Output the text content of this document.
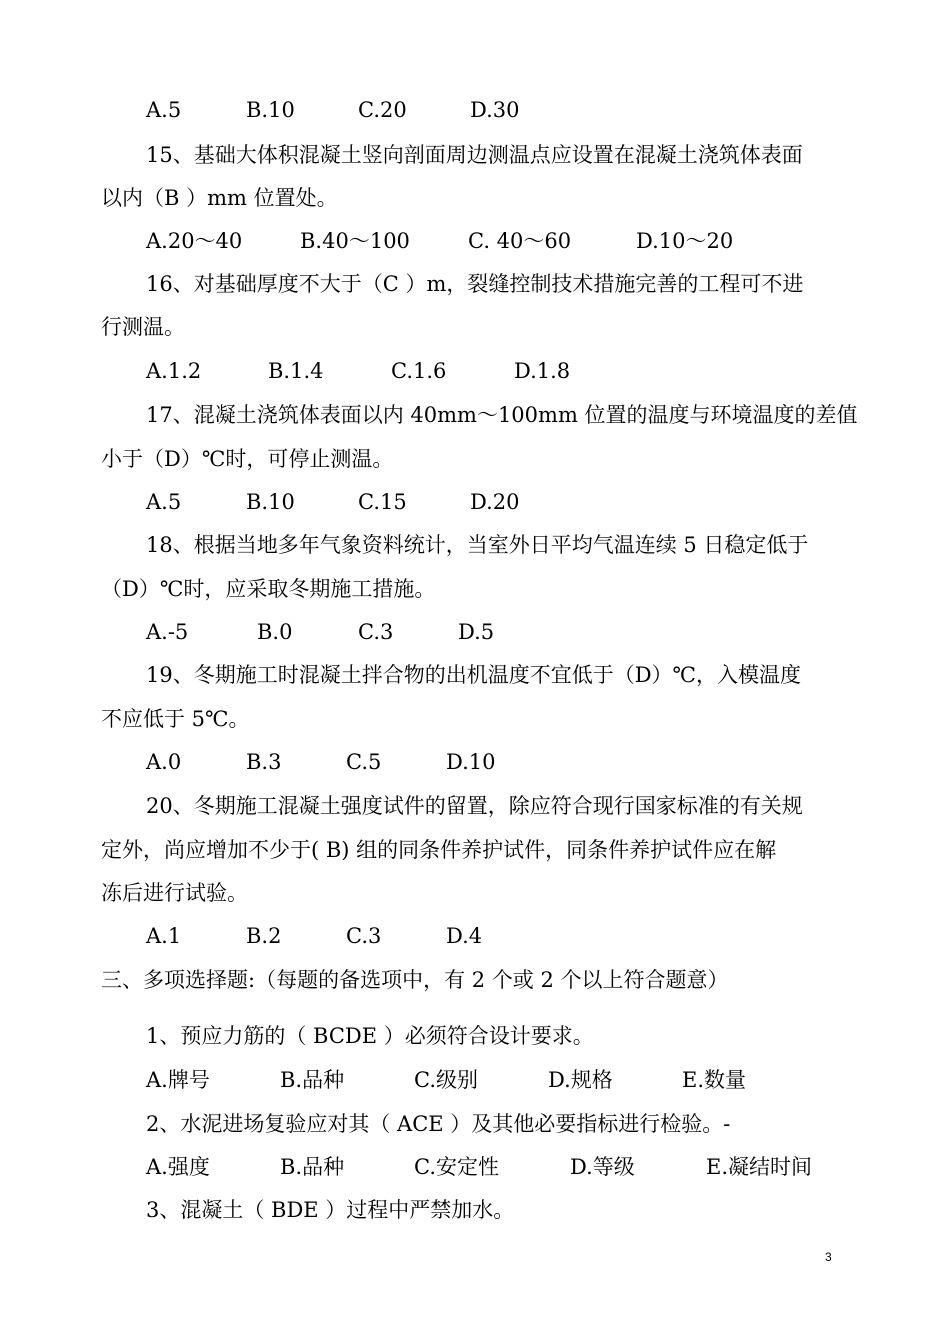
A.5	B.10	C.20	D.30
15、基础大体积混凝土竖向剖面周边测温点应设置在混凝土浇筑体表面
以内（B ）mm 位置处。
A.20～40	B.40～100	C. 40～60	D.10～20
16、对基础厚度不大于（C ）m，裂缝控制技术措施完善的工程可不进
行测温。
A.1.2	B.1.4	C.1.6	D.1.8
17、混凝土浇筑体表面以内 40mm～100mm 位置的温度与环境温度的差值
小于（D）℃时，可停止测温。
A.5	B.10	C.15	D.20
18、根据当地多年气象资料统计，当室外日平均气温连续 5 日稳定低于
（D）℃时，应采取冬期施工措施。
A.-5	B.0	C.3	D.5
19、冬期施工时混凝土拌合物的出机温度不宜低于（D）℃，入模温度
不应低于 5℃。
A.0	B.3	C.5	D.10
20、冬期施工混凝土强度试件的留置，除应符合现行国家标准的有关规
定外，尚应增加不少于( B) 组的同条件养护试件，同条件养护试件应在解
冻后进行试验。
A.1	B.2	C.3	D.4
三、多项选择题:（每题的备选项中，有 2 个或 2 个以上符合题意）
1、预应力筋的（ BCDE ）必须符合设计要求。
A.牌号	B.品种	C.级别	D.规格	E.数量
2、水泥进场复验应对其（ ACE ）及其他必要指标进行检验。-
A.强度	B.品种	C.安定性	D.等级	E.凝结时间
3、混凝土（ BDE ）过程中严禁加水。
3
